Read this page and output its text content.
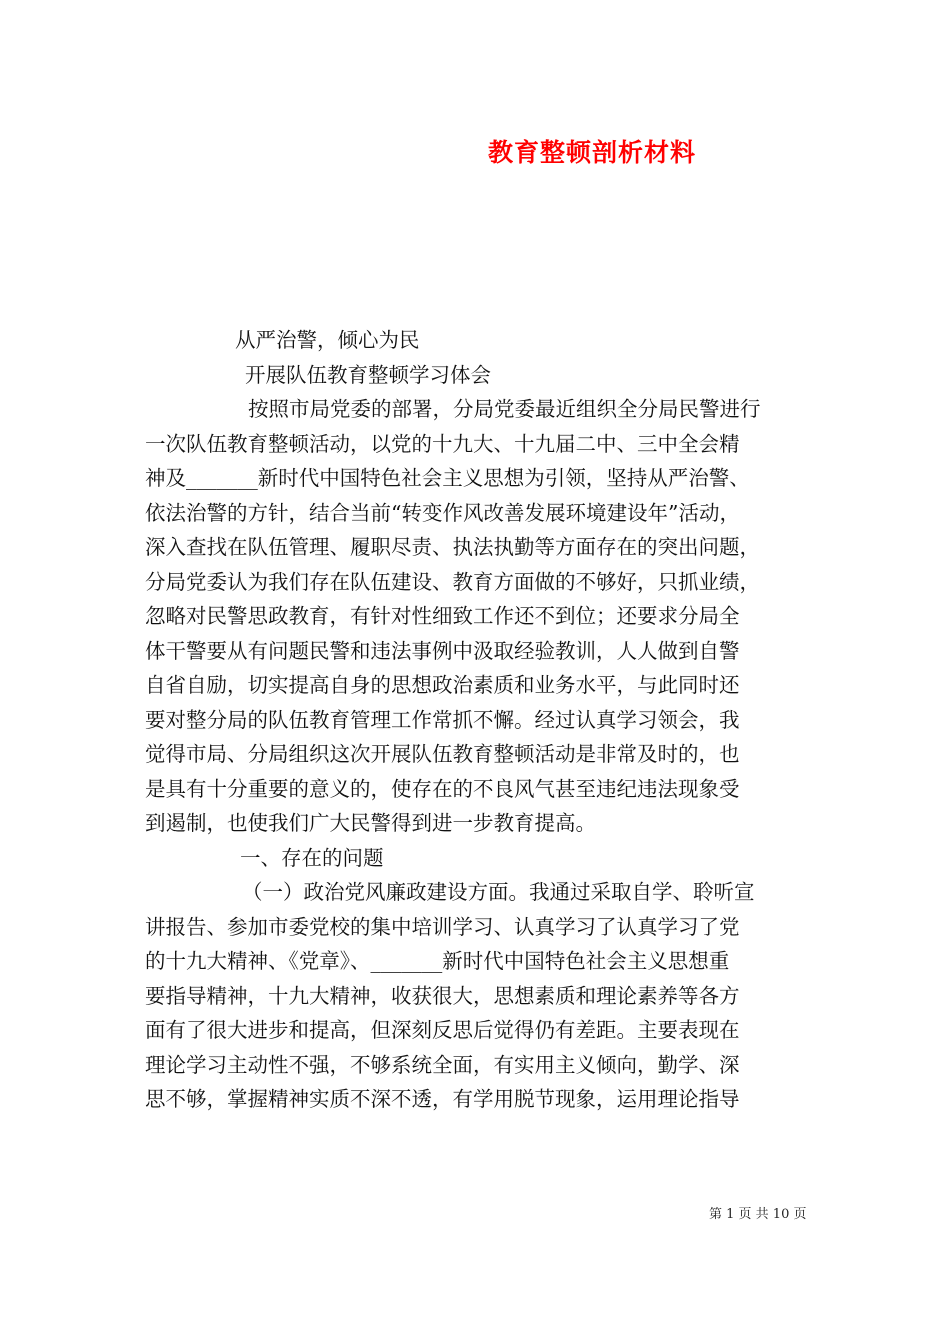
教育整顿剖析材料
从严治警，倾心为民
开展队伍教育整顿学习体会
按照市局党委的部署，分局党委最近组织全分局民警进行
一次队伍教育整顿活动，以党的十九大、十九届二中、三中全会精
神及_______新时代中国特色社会主义思想为引领，坚持从严治警、
依法治警的方针，结合当前“转变作风改善发展环境建设年”活动，
深入查找在队伍管理、履职尽责、执法执勤等方面存在的突出问题，
分局党委认为我们存在队伍建设、教育方面做的不够好，只抓业绩，
忽略对民警思政教育，有针对性细致工作还不到位；还要求分局全
体干警要从有问题民警和违法事例中汲取经验教训，人人做到自警
自省自励，切实提高自身的思想政治素质和业务水平，与此同时还
要对整分局的队伍教育管理工作常抓不懈。经过认真学习领会，我
觉得市局、分局组织这次开展队伍教育整顿活动是非常及时的，也
是具有十分重要的意义的，使存在的不良风气甚至违纪违法现象受
到遏制，也使我们广大民警得到进一步教育提高。
一、存在的问题
（一）政治党风廉政建设方面。我通过采取自学、聆听宣
讲报告、参加市委党校的集中培训学习、认真学习了认真学习了党
的十九大精神、《党章》、_______新时代中国特色社会主义思想重
要指导精神，十九大精神，收获很大，思想素质和理论素养等各方
面有了很大进步和提高，但深刻反思后觉得仍有差距。主要表现在
理论学习主动性不强，不够系统全面，有实用主义倾向，勤学、深
思不够，掌握精神实质不深不透，有学用脱节现象，运用理论指导
第 1 页 共 10 页
